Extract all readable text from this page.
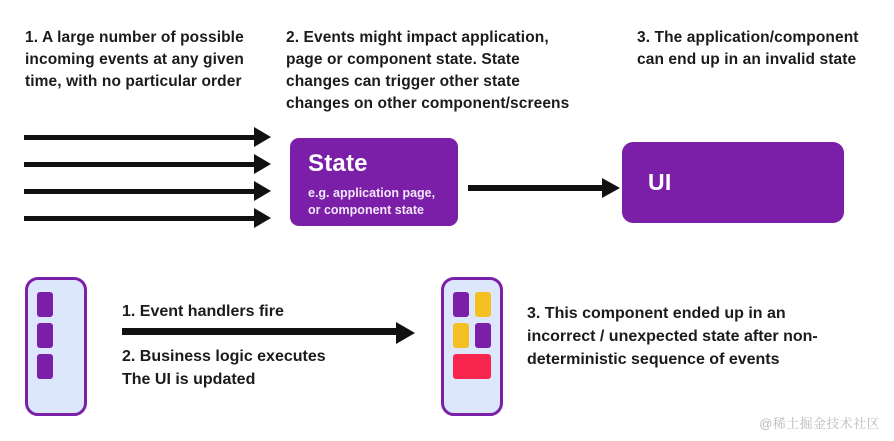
1. A large number of possible incoming events at any given time, with no particular order
2. Events might impact application, page or component state. State changes can trigger other state changes on other component/screens
3. The application/component can end up in an invalid state
State
e.g. application page,
or component state
UI
1. Event handlers fire
2. Business logic executes
The UI is updated
3. This component ended up in an incorrect / unexpected state after non-deterministic sequence of events
@稀土掘金技术社区
